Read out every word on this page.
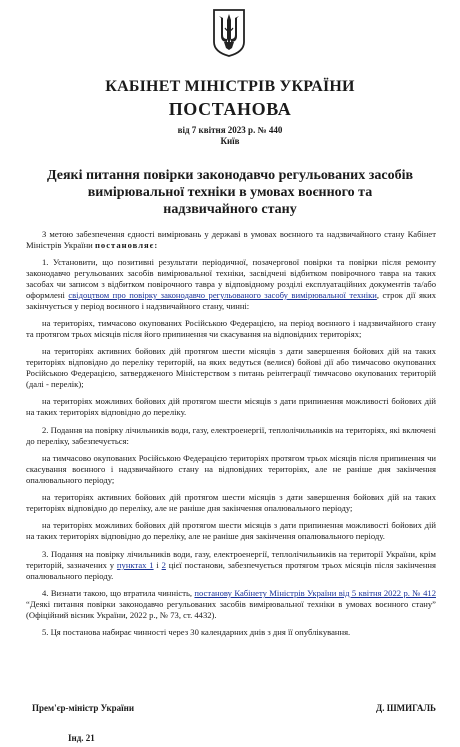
КАБІНЕТ МІНІСТРІВ УКРАЇНИ
ПОСТАНОВА
від 7 квітня 2023 р. № 440
Київ
Деякі питання повірки законодавчо регульованих засобів вимірювальної техніки в умовах воєнного та надзвичайного стану

З метою забезпечення єдності вимірювань у державі в умовах воєнного та надзвичайного стану Кабінет Міністрів України постановляє:

1. Установити, що позитивні результати періодичної, позачергової повірки та повірки після ремонту законодавчо регульованих засобів вимірювальної техніки, засвідчені відбитком повірочного тавра на таких засобах чи записом з відбитком повірочного тавра у відповідному розділі експлуатаційних документів та/або оформлені свідоцтвом про повірку законодавчо регульованого засобу вимірювальної техніки, строк дії яких закінчується у період воєнного і надзвичайного стану, чинні:

на територіях, тимчасово окупованих Російською Федерацією, на період воєнного і надзвичайного стану та протягом трьох місяців після його припинення чи скасування на відповідних територіях;

на територіях активних бойових дій протягом шести місяців з дати завершення бойових дій на таких територіях відповідно до переліку територій, на яких ведуться (велися) бойові дії або тимчасово окупованих Російською Федерацією, затвердженого Міністерством з питань реінтеграції тимчасово окупованих територій (далі - перелік);

на територіях можливих бойових дій протягом шести місяців з дати припинення можливості бойових дій на таких територіях відповідно до переліку.

2. Подання на повірку лічильників води, газу, електроенергії, теплолічильників на територіях, які включені до переліку, забезпечується:

на тимчасово окупованих Російською Федерацією територіях протягом трьох місяців після припинення чи скасування воєнного і надзвичайного стану на відповідних територіях, але не раніше дня закінчення опалювального періоду;

на територіях активних бойових дій протягом шести місяців з дати завершення бойових дій на таких територіях відповідно до переліку, але не раніше дня закінчення опалювального періоду;

на територіях можливих бойових дій протягом шести місяців з дати припинення можливості бойових дій на таких територіях відповідно до переліку, але не раніше дня закінчення опалювального періоду.

3. Подання на повірку лічильників води, газу, електроенергії, теплолічильників на території України, крім територій, зазначених у пунктах 1 і 2 цієї постанови, забезпечується протягом трьох місяців після закінчення опалювального періоду.

4. Визнати такою, що втратила чинність, постанову Кабінету Міністрів України від 5 квітня 2022 р. № 412 “Деякі питання повірки законодавчо регульованих засобів вимірювальної техніки в умовах воєнного стану” (Офіційний вісник України, 2022 р., № 73, ст. 4432).

5. Ця постанова набирає чинності через 30 календарних днів з дня її опублікування.

Прем'єр-міністр України	Д. ШМИГАЛЬ
Інд. 21
